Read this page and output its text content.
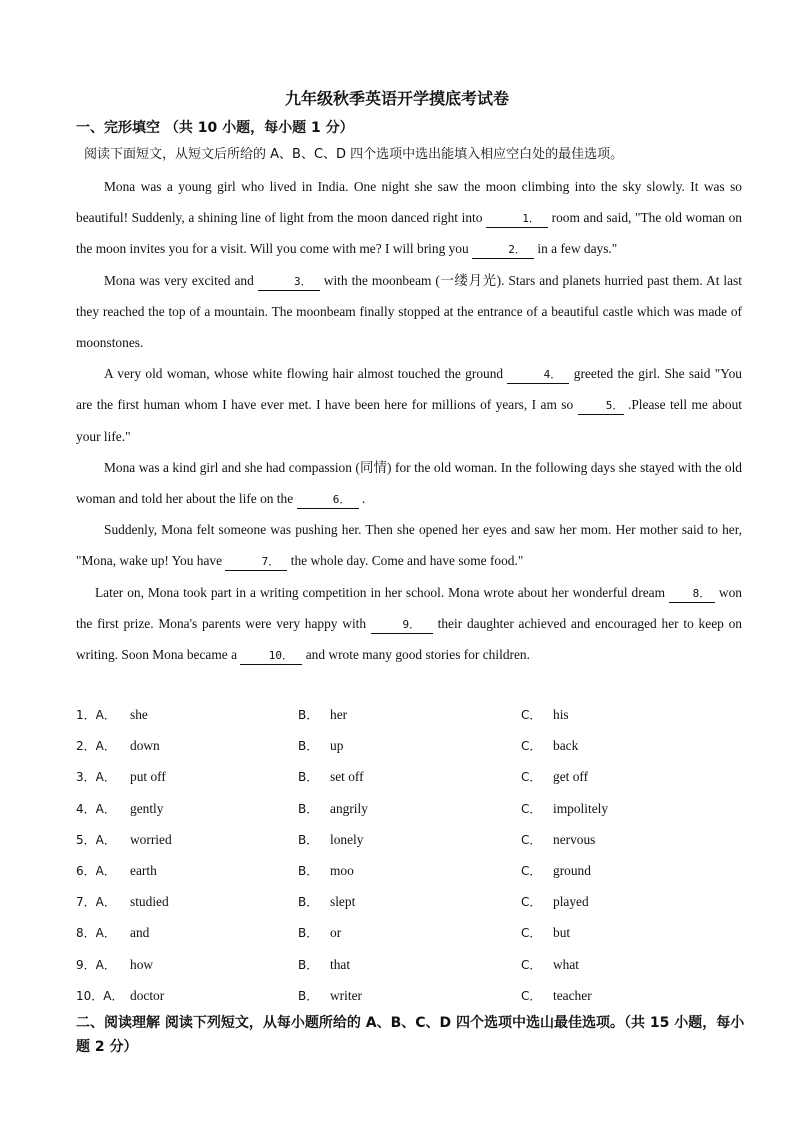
九年级秋季英语开学摸底考试卷
一、完形填空 （共 10 小题，每小题 1 分）
阅读下面短文，从短文后所给的 A、B、C、D 四个选项中选出能填入相应空白处的最佳选项。

Mona was a young girl who lived in India. One night she saw the moon climbing into the sky slowly. It was so beautiful! Suddenly, a shining line of light from the moon danced right into	1． room and said, "The old woman on the moon invites you for a visit. Will you come with me? I will bring you	2． in a few days."

Mona was very excited and	3． with the moonbeam (一缕月光). Stars and planets hurried past them. At last they reached the top of a mountain. The moonbeam finally stopped at the entrance of a beautiful castle which was made of moonstones.

A very old woman, whose white flowing hair almost touched the ground	4． greeted the girl. She said "You are the first human whom I have ever met. I have been here for millions of years, I am so	5． .Please tell me about your life."

Mona was a kind girl and she had compassion (同情) for the old woman. In the following days she stayed with the old woman and told her about the life on the	6． .

Suddenly, Mona felt someone was pushing her. Then she opened her eyes and saw her mom. Her mother said to her, "Mona, wake up! You have	7． the whole day. Come and have some food."

Later on, Mona took part in a writing competition in her school. Mona wrote about her wonderful dream 8． won the first prize. Mona's parents were very happy with	9． their daughter achieved and encouraged her to keep on writing. Soon Mona became a	10． and wrote many good stories for children.

1．A． she	B． her	C． his
2．A． down	B． up	C． back
3．A． put off	B． set off	C． get off
4．A． gently	B． angrily	C． impolitely
5．A． worried	B． lonely	C． nervous
6．A． earth	B． moo	C． ground
7．A． studied	B． slept	C． played
8．A． and	B． or	C． but
9．A． how	B． that	C． what
10．A． doctor	B． writer	C． teacher
二、阅读理解 阅读下列短文，从每小题所给的 A、B、C、D 四个选项中选山最佳选项。（共 15 小题，每小题 2 分）
